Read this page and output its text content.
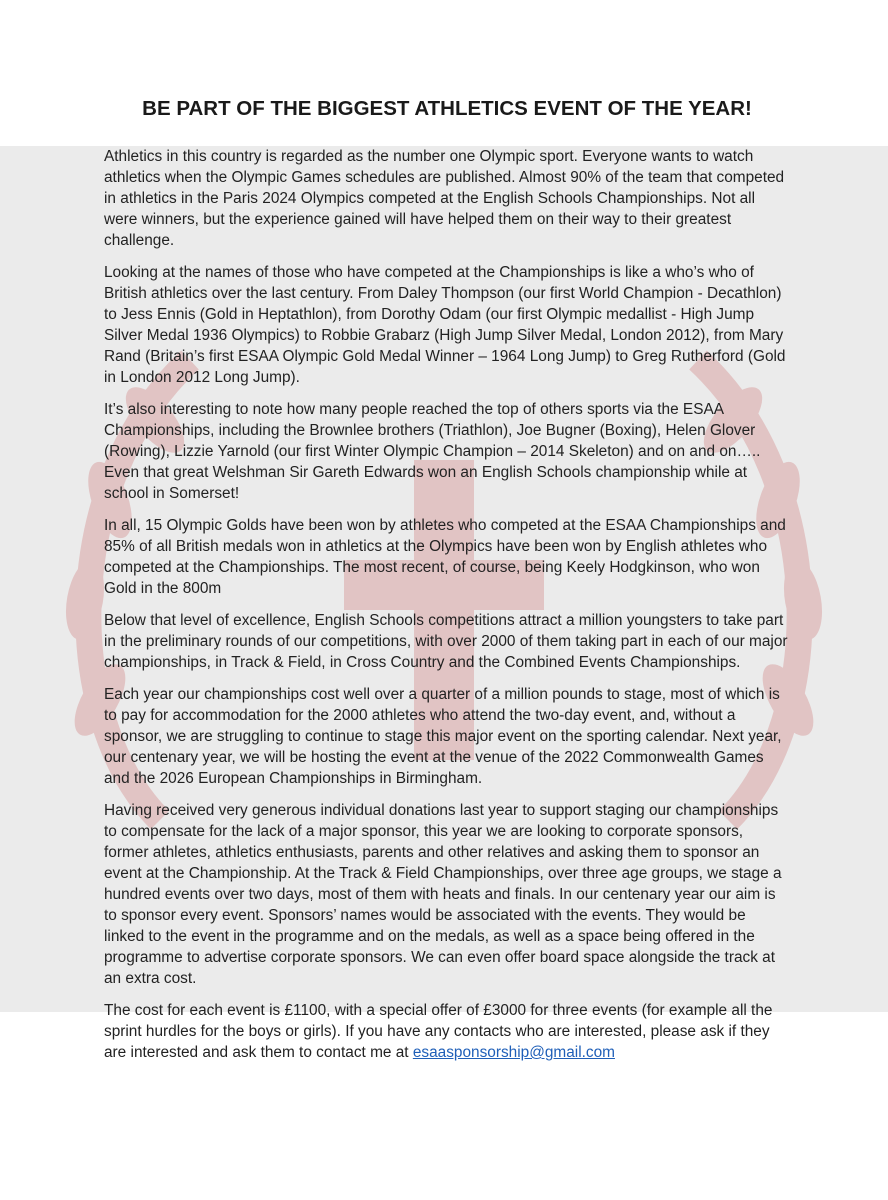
BE PART OF THE BIGGEST ATHLETICS EVENT OF THE YEAR!

Athletics in this country is regarded as the number one Olympic sport. Everyone wants to watch athletics when the Olympic Games schedules are published. Almost 90% of the team that competed in athletics in the Paris 2024 Olympics competed at the English Schools Championships. Not all were winners, but the experience gained will have helped them on their way to their greatest challenge.

Looking at the names of those who have competed at the Championships is like a who’s who of British athletics over the last century. From Daley Thompson (our first World Champion - Decathlon) to Jess Ennis (Gold in Heptathlon), from Dorothy Odam (our first Olympic medallist - High Jump Silver Medal 1936 Olympics) to Robbie Grabarz (High Jump Silver Medal, London 2012), from Mary Rand (Britain’s first ESAA Olympic Gold Medal Winner – 1964 Long Jump) to Greg Rutherford (Gold in London 2012 Long Jump).

It’s also interesting to note how many people reached the top of others sports via the ESAA Championships, including the Brownlee brothers (Triathlon), Joe Bugner (Boxing), Helen Glover (Rowing), Lizzie Yarnold (our first Winter Olympic Champion – 2014 Skeleton) and on and on….. Even that great Welshman Sir Gareth Edwards won an English Schools championship while at school in Somerset!

In all, 15 Olympic Golds have been won by athletes who competed at the ESAA Championships and 85% of all British medals won in athletics at the Olympics have been won by English athletes who competed at the Championships. The most recent, of course, being Keely Hodgkinson, who won Gold in the 800m

Below that level of excellence, English Schools competitions attract a million youngsters to take part in the preliminary rounds of our competitions, with over 2000 of them taking part in each of our major championships, in Track & Field, in Cross Country and the Combined Events Championships.

Each year our championships cost well over a quarter of a million pounds to stage, most of which is to pay for accommodation for the 2000 athletes who attend the two-day event, and, without a sponsor, we are struggling to continue to stage this major event on the sporting calendar. Next year, our centenary year, we will be hosting the event at the venue of the 2022 Commonwealth Games and the 2026 European Championships in Birmingham.

Having received very generous individual donations last year to support staging our championships to compensate for the lack of a major sponsor, this year we are looking to corporate sponsors, former athletes, athletics enthusiasts, parents and other relatives and asking them to sponsor an event at the Championship. At the Track & Field Championships, over three age groups, we stage a hundred events over two days, most of them with heats and finals. In our centenary year our aim is to sponsor every event. Sponsors’ names would be associated with the events. They would be linked to the event in the programme and on the medals, as well as a space being offered in the programme to advertise corporate sponsors. We can even offer board space alongside the track at an extra cost.

The cost for each event is £1100, with a special offer of £3000 for three events (for example all the sprint hurdles for the boys or girls). If you have any contacts who are interested, please ask if they are interested and ask them to contact me at esaasponsorship@gmail.com
